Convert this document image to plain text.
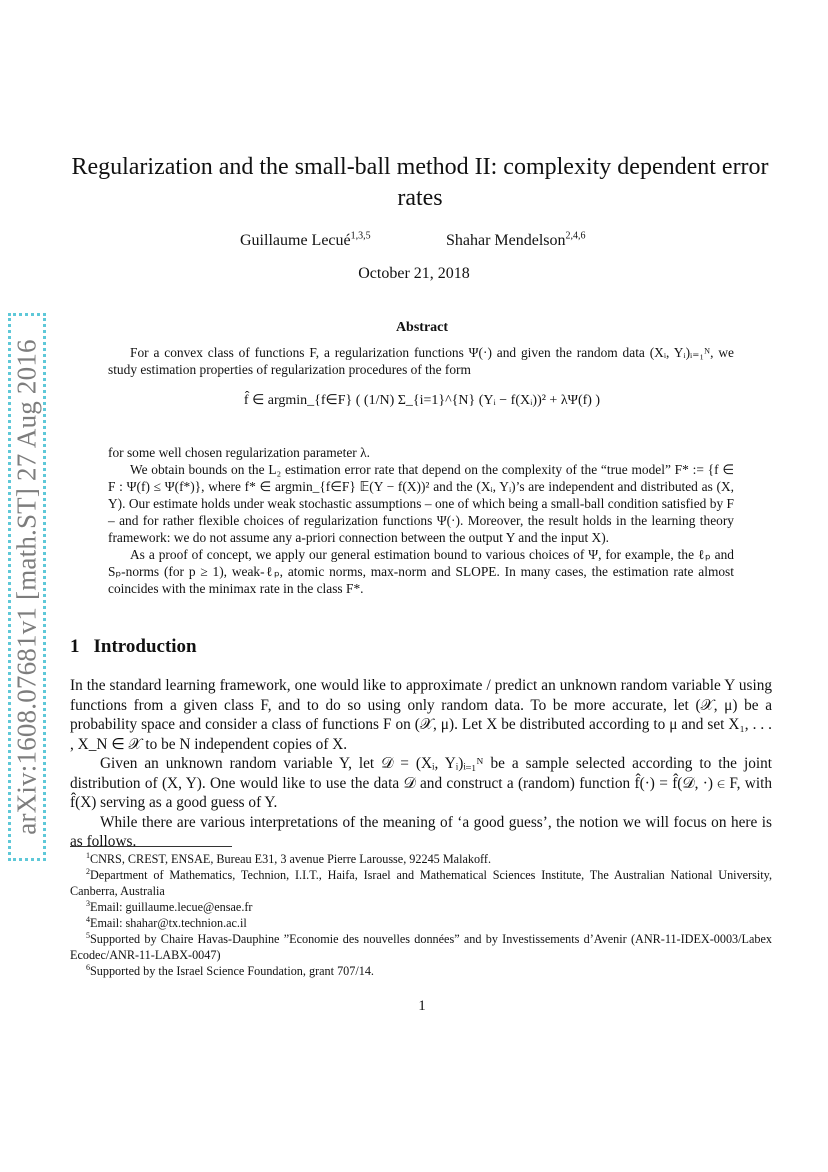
arXiv:1608.07681v1 [math.ST] 27 Aug 2016
Regularization and the small-ball method II: complexity dependent error rates
Guillaume Lecué$^{1,3,5}$	Shahar Mendelson$^{2,4,6}$
October 21, 2018
Abstract

For a convex class of functions F, a regularization functions Ψ(·) and given the random data (Xᵢ, Yᵢ)ᵢ₌₁ᴺ, we study estimation properties of regularization procedures of the form

f̂ ∈ argmin_{f∈F} ( (1/N) Σ_{i=1}^{N} (Yᵢ − f(Xᵢ))² + λΨ(f) )

for some well chosen regularization parameter λ.

We obtain bounds on the L₂ estimation error rate that depend on the complexity of the “true model” F* := {f ∈ F : Ψ(f) ≤ Ψ(f*)}, where f* ∈ argmin_{f∈F} 𝔼(Y − f(X))² and the (Xᵢ, Yᵢ)’s are independent and distributed as (X, Y). Our estimate holds under weak stochastic assumptions – one of which being a small-ball condition satisfied by F – and for rather flexible choices of regularization functions Ψ(·). Moreover, the result holds in the learning theory framework: we do not assume any a-priori connection between the output Y and the input X).

As a proof of concept, we apply our general estimation bound to various choices of Ψ, for example, the ℓₚ and Sₚ-norms (for p ≥ 1), weak-ℓₚ, atomic norms, max-norm and SLOPE. In many cases, the estimation rate almost coincides with the minimax rate in the class F*.

1 Introduction

In the standard learning framework, one would like to approximate / predict an unknown random variable Y using functions from a given class F, and to do so using only random data. To be more accurate, let (𝒳, μ) be a probability space and consider a class of functions F on (𝒳, μ). Let X be distributed according to μ and set X₁, . . . , X_N ∈ 𝒳 to be N independent copies of X.

Given an unknown random variable Y, let 𝒟 = (Xᵢ, Yᵢ)ᵢ₌₁ᴺ be a sample selected according to the joint distribution of (X, Y). One would like to use the data 𝒟 and construct a (random) function f̂(·) = f̂(𝒟, ·) ∈ F, with f̂(X) serving as a good guess of Y.

While there are various interpretations of the meaning of ‘a good guess’, the notion we will focus on here is as follows.

$^1$CNRS, CREST, ENSAE, Bureau E31, 3 avenue Pierre Larousse, 92245 Malakoff.

$^2$Department of Mathematics, Technion, I.I.T., Haifa, Israel and Mathematical Sciences Institute, The Australian National University, Canberra, Australia

$^3$Email: guillaume.lecue@ensae.fr

$^4$Email: shahar@tx.technion.ac.il

$^5$Supported by Chaire Havas-Dauphine ”Economie des nouvelles données” and by Investissements d’Avenir (ANR-11-IDEX-0003/Labex Ecodec/ANR-11-LABX-0047)

$^6$Supported by the Israel Science Foundation, grant 707/14.

1
